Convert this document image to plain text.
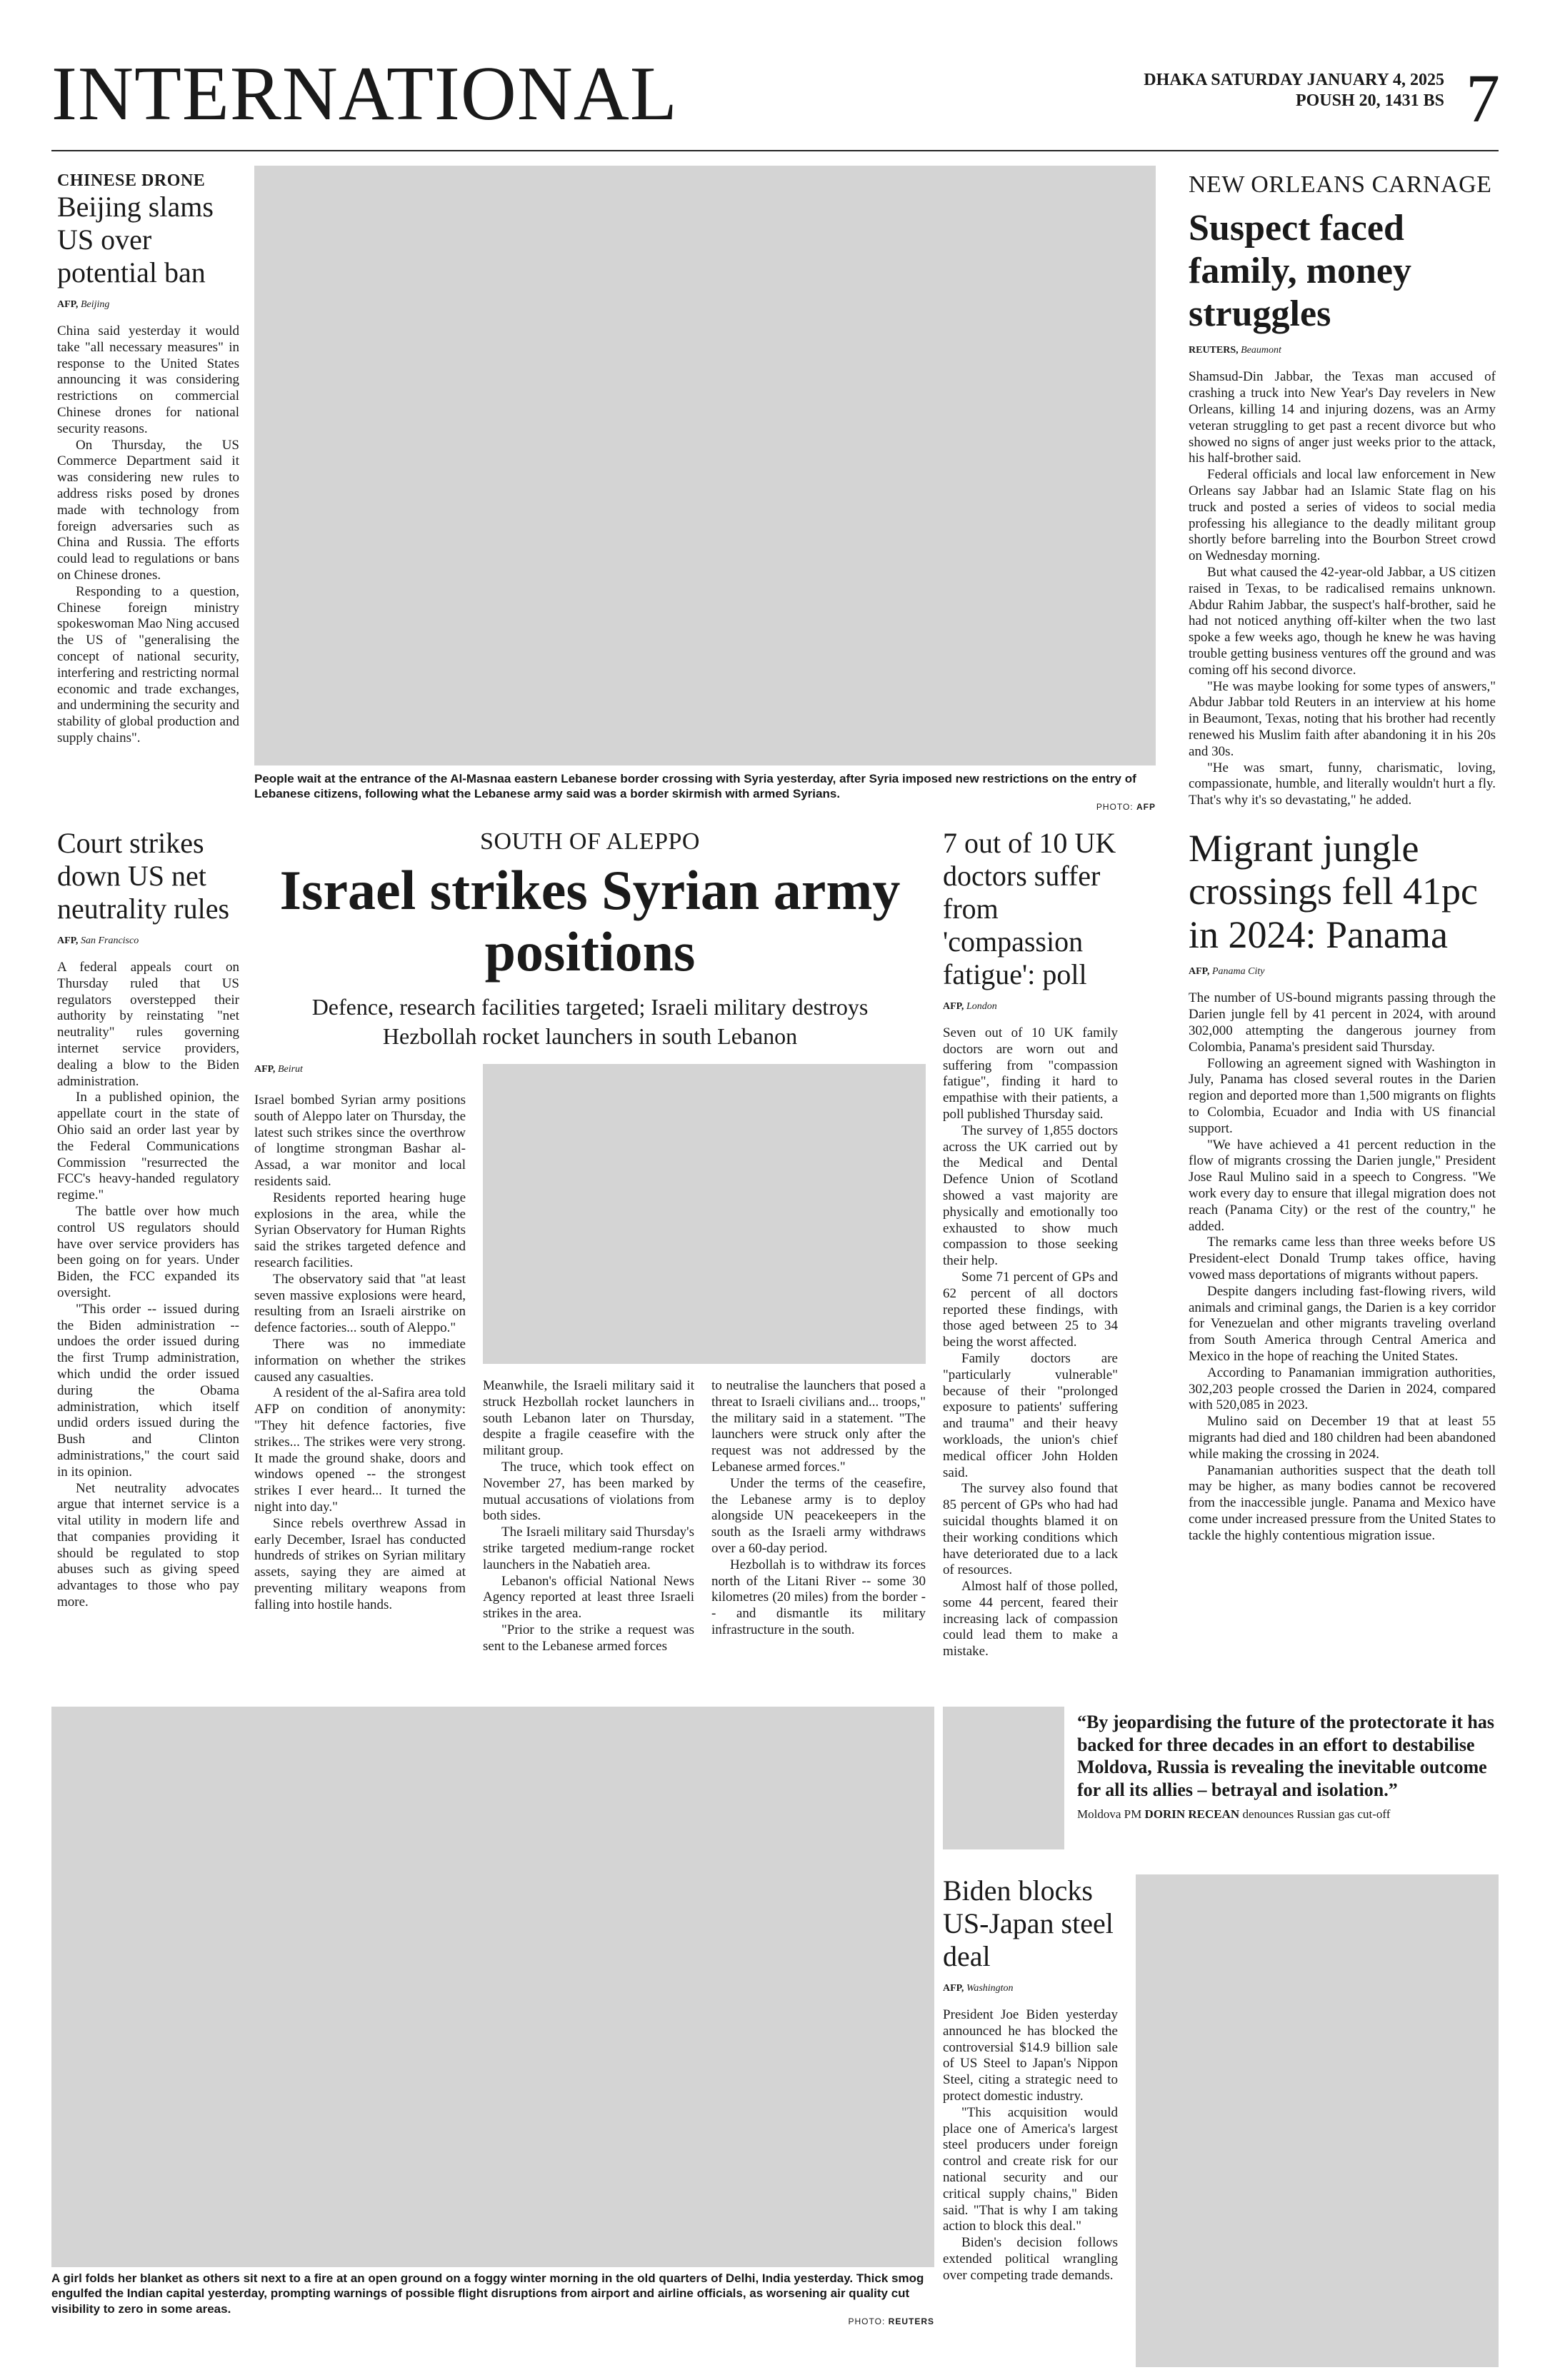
INTERNATIONAL	DHAKA SATURDAY JANUARY 4, 2025
POUSH 20, 1431 BS 7
CHINESE DRONE
Beijing slams US over potential ban
AFP, Beijing

China said yesterday it would take "all necessary measures" in response to the United States announcing it was considering restrictions on commercial Chinese drones for national security reasons.

On Thursday, the US Commerce Department said it was considering new rules to address risks posed by drones made with technology from foreign adversaries such as China and Russia. The efforts could lead to regulations or bans on Chinese drones.

Responding to a question, Chinese foreign ministry spokeswoman Mao Ning accused the US of "generalising the concept of national security, interfering and restricting normal economic and trade exchanges, and undermining the security and stability of global production and supply chains".

People wait at the entrance of the Al-Masnaa eastern Lebanese border crossing with Syria yesterday, after Syria imposed new restrictions on the entry of Lebanese citizens, following what the Lebanese army said was a border skirmish with armed Syrians.
PHOTO: AFP
NEW ORLEANS CARNAGE
Suspect faced family, money struggles
REUTERS, Beaumont

Shamsud-Din Jabbar, the Texas man accused of crashing a truck into New Year's Day revelers in New Orleans, killing 14 and injuring dozens, was an Army veteran struggling to get past a recent divorce but who showed no signs of anger just weeks prior to the attack, his half-brother said.

Federal officials and local law enforcement in New Orleans say Jabbar had an Islamic State flag on his truck and posted a series of videos to social media professing his allegiance to the deadly militant group shortly before barreling into the Bourbon Street crowd on Wednesday morning.

But what caused the 42-year-old Jabbar, a US citizen raised in Texas, to be radicalised remains unknown. Abdur Rahim Jabbar, the suspect's half-brother, said he had not noticed anything off-kilter when the two last spoke a few weeks ago, though he knew he was having trouble getting business ventures off the ground and was coming off his second divorce.

"He was maybe looking for some types of answers," Abdur Jabbar told Reuters in an interview at his home in Beaumont, Texas, noting that his brother had recently renewed his Muslim faith after abandoning it in his 20s and 30s.

"He was smart, funny, charismatic, loving, compassionate, humble, and literally wouldn't hurt a fly. That's why it's so devastating," he added.

Court strikes down US net neutrality rules
AFP, San Francisco

A federal appeals court on Thursday ruled that US regulators overstepped their authority by reinstating "net neutrality" rules governing internet service providers, dealing a blow to the Biden administration.

In a published opinion, the appellate court in the state of Ohio said an order last year by the Federal Communications Commission "resurrected the FCC's heavy-handed regulatory regime."

The battle over how much control US regulators should have over service providers has been going on for years. Under Biden, the FCC expanded its oversight.

"This order -- issued during the Biden administration -- undoes the order issued during the first Trump administration, which undid the order issued during the Obama administration, which itself undid orders issued during the Bush and Clinton administrations," the court said in its opinion.

Net neutrality advocates argue that internet service is a vital utility in modern life and that companies providing it should be regulated to stop abuses such as giving speed advantages to those who pay more.

SOUTH OF ALEPPO
Israel strikes Syrian army positions
Defence, research facilities targeted; Israeli military destroys Hezbollah rocket launchers in south Lebanon
AFP, Beirut

Israel bombed Syrian army positions south of Aleppo later on Thursday, the latest such strikes since the overthrow of longtime strongman Bashar al-Assad, a war monitor and local residents said.

Residents reported hearing huge explosions in the area, while the Syrian Observatory for Human Rights said the strikes targeted defence and research facilities.

The observatory said that "at least seven massive explosions were heard, resulting from an Israeli airstrike on defence factories... south of Aleppo."

There was no immediate information on whether the strikes caused any casualties.

A resident of the al-Safira area told AFP on condition of anonymity: "They hit defence factories, five strikes... The strikes were very strong. It made the ground shake, doors and windows opened -- the strongest strikes I ever heard... It turned the night into day."

Since rebels overthrew Assad in early December, Israel has conducted hundreds of strikes on Syrian military assets, saying they are aimed at preventing military weapons from falling into hostile hands.

Meanwhile, the Israeli military said it struck Hezbollah rocket launchers in south Lebanon later on Thursday, despite a fragile ceasefire with the militant group.

The truce, which took effect on November 27, has been marked by mutual accusations of violations from both sides.

The Israeli military said Thursday's strike targeted medium-range rocket launchers in the Nabatieh area.

Lebanon's official National News Agency reported at least three Israeli strikes in the area.

"Prior to the strike a request was sent to the Lebanese armed forces

to neutralise the launchers that posed a threat to Israeli civilians and... troops," the military said in a statement. "The launchers were struck only after the request was not addressed by the Lebanese armed forces."

Under the terms of the ceasefire, the Lebanese army is to deploy alongside UN peacekeepers in the south as the Israeli army withdraws over a 60-day period.

Hezbollah is to withdraw its forces north of the Litani River -- some 30 kilometres (20 miles) from the border -- and dismantle its military infrastructure in the south.

7 out of 10 UK doctors suffer from 'compassion fatigue': poll
AFP, London

Seven out of 10 UK family doctors are worn out and suffering from "compassion fatigue", finding it hard to empathise with their patients, a poll published Thursday said.

The survey of 1,855 doctors across the UK carried out by the Medical and Dental Defence Union of Scotland showed a vast majority are physically and emotionally too exhausted to show much compassion to those seeking their help.

Some 71 percent of GPs and 62 percent of all doctors reported these findings, with those aged between 25 to 34 being the worst affected.

Family doctors are "particularly vulnerable" because of their "prolonged exposure to patients' suffering and trauma" and their heavy workloads, the union's chief medical officer John Holden said.

The survey also found that 85 percent of GPs who had had suicidal thoughts blamed it on their working conditions which have deteriorated due to a lack of resources.

Almost half of those polled, some 44 percent, feared their increasing lack of compassion could lead them to make a mistake.

Migrant jungle crossings fell 41pc in 2024: Panama
AFP, Panama City

The number of US-bound migrants passing through the Darien jungle fell by 41 percent in 2024, with around 302,000 attempting the dangerous journey from Colombia, Panama's president said Thursday.

Following an agreement signed with Washington in July, Panama has closed several routes in the Darien region and deported more than 1,500 migrants on flights to Colombia, Ecuador and India with US financial support.

"We have achieved a 41 percent reduction in the flow of migrants crossing the Darien jungle," President Jose Raul Mulino said in a speech to Congress. "We work every day to ensure that illegal migration does not reach (Panama City) or the rest of the country," he added.

The remarks came less than three weeks before US President-elect Donald Trump takes office, having vowed mass deportations of migrants without papers.

Despite dangers including fast-flowing rivers, wild animals and criminal gangs, the Darien is a key corridor for Venezuelan and other migrants traveling overland from South America through Central America and Mexico in the hope of reaching the United States.

According to Panamanian immigration authorities, 302,203 people crossed the Darien in 2024, compared with 520,085 in 2023.

Mulino said on December 19 that at least 55 migrants had died and 180 children had been abandoned while making the crossing in 2024.

Panamanian authorities suspect that the death toll may be higher, as many bodies cannot be recovered from the inaccessible jungle. Panama and Mexico have come under increased pressure from the United States to tackle the highly contentious migration issue.

A girl folds her blanket as others sit next to a fire at an open ground on a foggy winter morning in the old quarters of Delhi, India yesterday. Thick smog engulfed the Indian capital yesterday, prompting warnings of possible flight disruptions from airport and airline officials, as worsening air quality cut visibility to zero in some areas.
PHOTO: REUTERS
“By jeopardising the future of the protectorate it has backed for three decades in an effort to destabilise Moldova, Russia is revealing the inevitable outcome for all its allies – betrayal and isolation.”
Moldova PM DORIN RECEAN denounces Russian gas cut-off
Biden blocks US-Japan steel deal
AFP, Washington

President Joe Biden yesterday announced he has blocked the controversial $14.9 billion sale of US Steel to Japan's Nippon Steel, citing a strategic need to protect domestic industry.

"This acquisition would place one of America's largest steel producers under foreign control and create risk for our national security and our critical supply chains," Biden said. "That is why I am taking action to block this deal."

Biden's decision follows extended political wrangling over competing trade demands.
